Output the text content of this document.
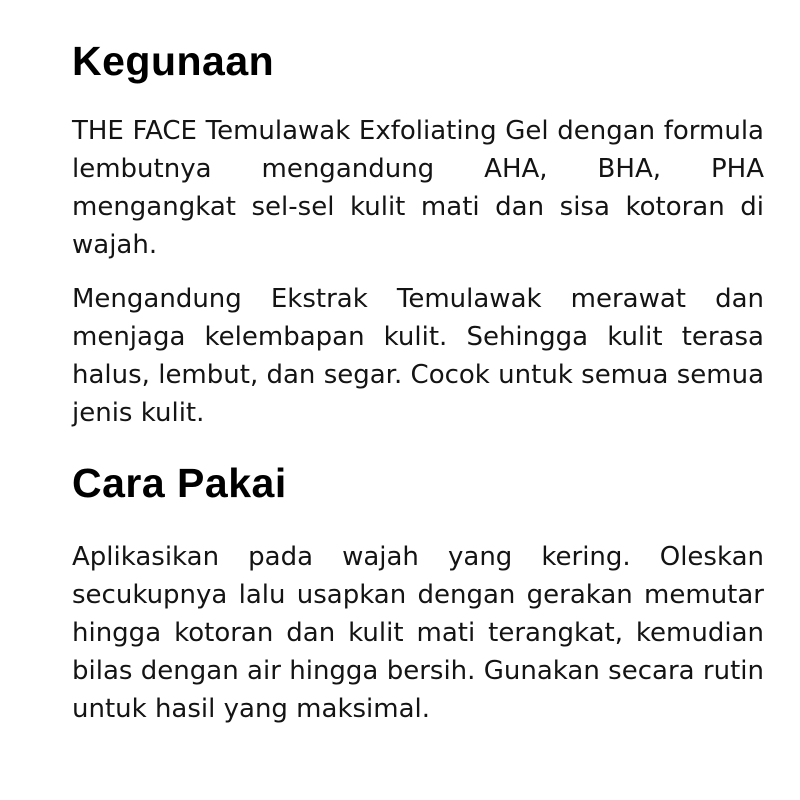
Kegunaan

THE FACE Temulawak Exfoliating Gel dengan formula lembutnya mengandung AHA, BHA, PHA mengangkat sel-sel kulit mati dan sisa kotoran di wajah.

Mengandung Ekstrak Temulawak merawat dan menjaga kelembapan kulit. Sehingga kulit terasa halus, lembut, dan segar. Cocok untuk semua semua jenis kulit.

Cara Pakai

Aplikasikan pada wajah yang kering. Oleskan secukupnya lalu usapkan dengan gerakan memutar hingga kotoran dan kulit mati terangkat, kemudian bilas dengan air hingga bersih. Gunakan secara rutin untuk hasil yang maksimal.
